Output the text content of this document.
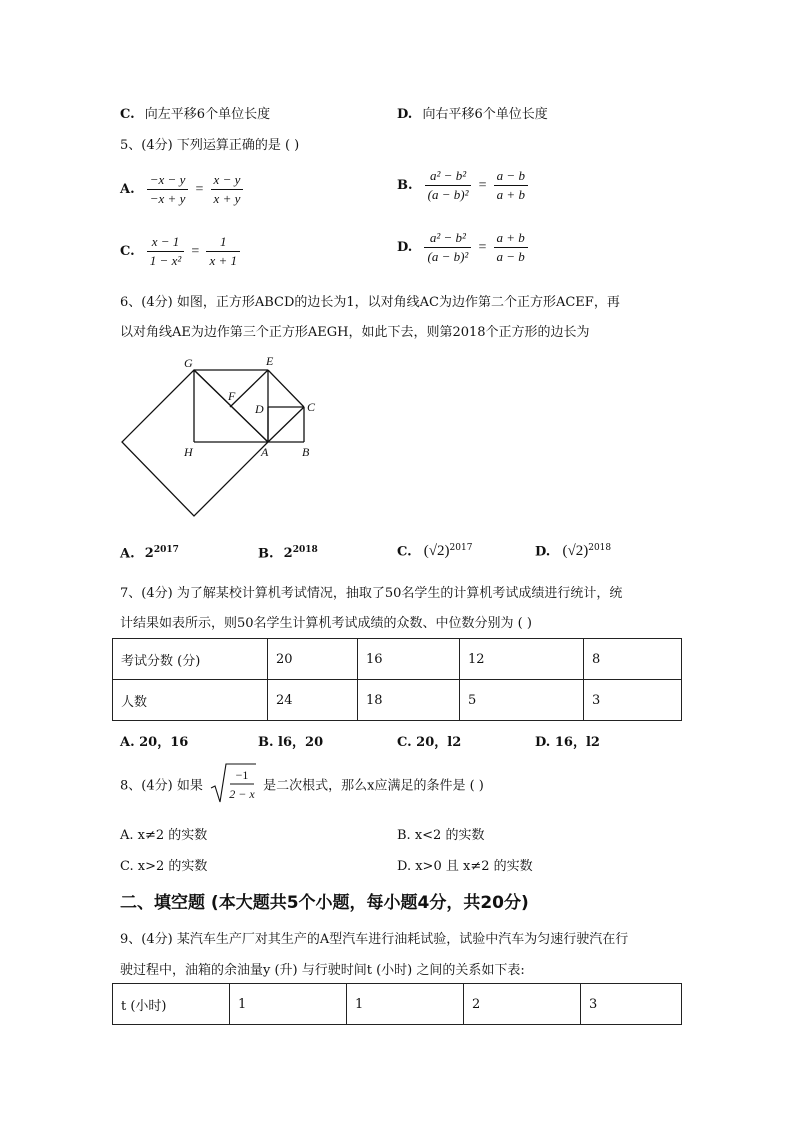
C. 向左平移6个单位长度	D. 向右平移6个单位长度
5、(4分) 下列运算正确的是 ( )
A. $\frac{-x - y}{-x + y} = \frac{x - y}{x + y}$	B. $\frac{\text{a² − b²}}{\text{(a − b)²}} = \frac{a - b}{a + b}$
C. $\frac{x - 1}{\text{1 − x²}} = \frac{1}{x + 1}$	D. $\frac{\text{a² − b²}}{\text{(a − b)²}} = \frac{a + b}{a - b}$
6、(4分) 如图，正方形ABCD的边长为1，以对角线AC为边作第二个正方形ACEF，再
以对角线AE为边作第三个正方形AEGH，如此下去，则第2018个正方形的边长为
G	E
F
D	C
H	A	B
A. $2^{2017}$	B. $2^{2018}$	C. $(√2)^{2017}$	D. $(√2)^{2018}$
7、(4分) 为了解某校计算机考试情况，抽取了50名学生的计算机考试成绩进行统计，统
计结果如表所示，则50名学生计算机考试成绩的众数、中位数分别为 ( )
考试分数 (分)	20	16	12	8
人数	24	18	5	3
A. 20，16	B. l6，20	C. 20，l2	D. 16，l2
8、(4分) 如果
−1
2 − x
是二次根式，那么x应满足的条件是 ( )
A. x≠2 的实数	B. x<2 的实数
C. x>2 的实数	D. x>0 且 x≠2 的实数
二、填空题 (本大题共5个小题，每小题4分，共20分)
9、(4分) 某汽车生产厂对其生产的A型汽车进行油耗试验，试验中汽车为匀速行驶汽在行
驶过程中，油箱的余油量y (升) 与行驶时间t (小时) 之间的关系如下表:
t (小时)	1	1	2	3
